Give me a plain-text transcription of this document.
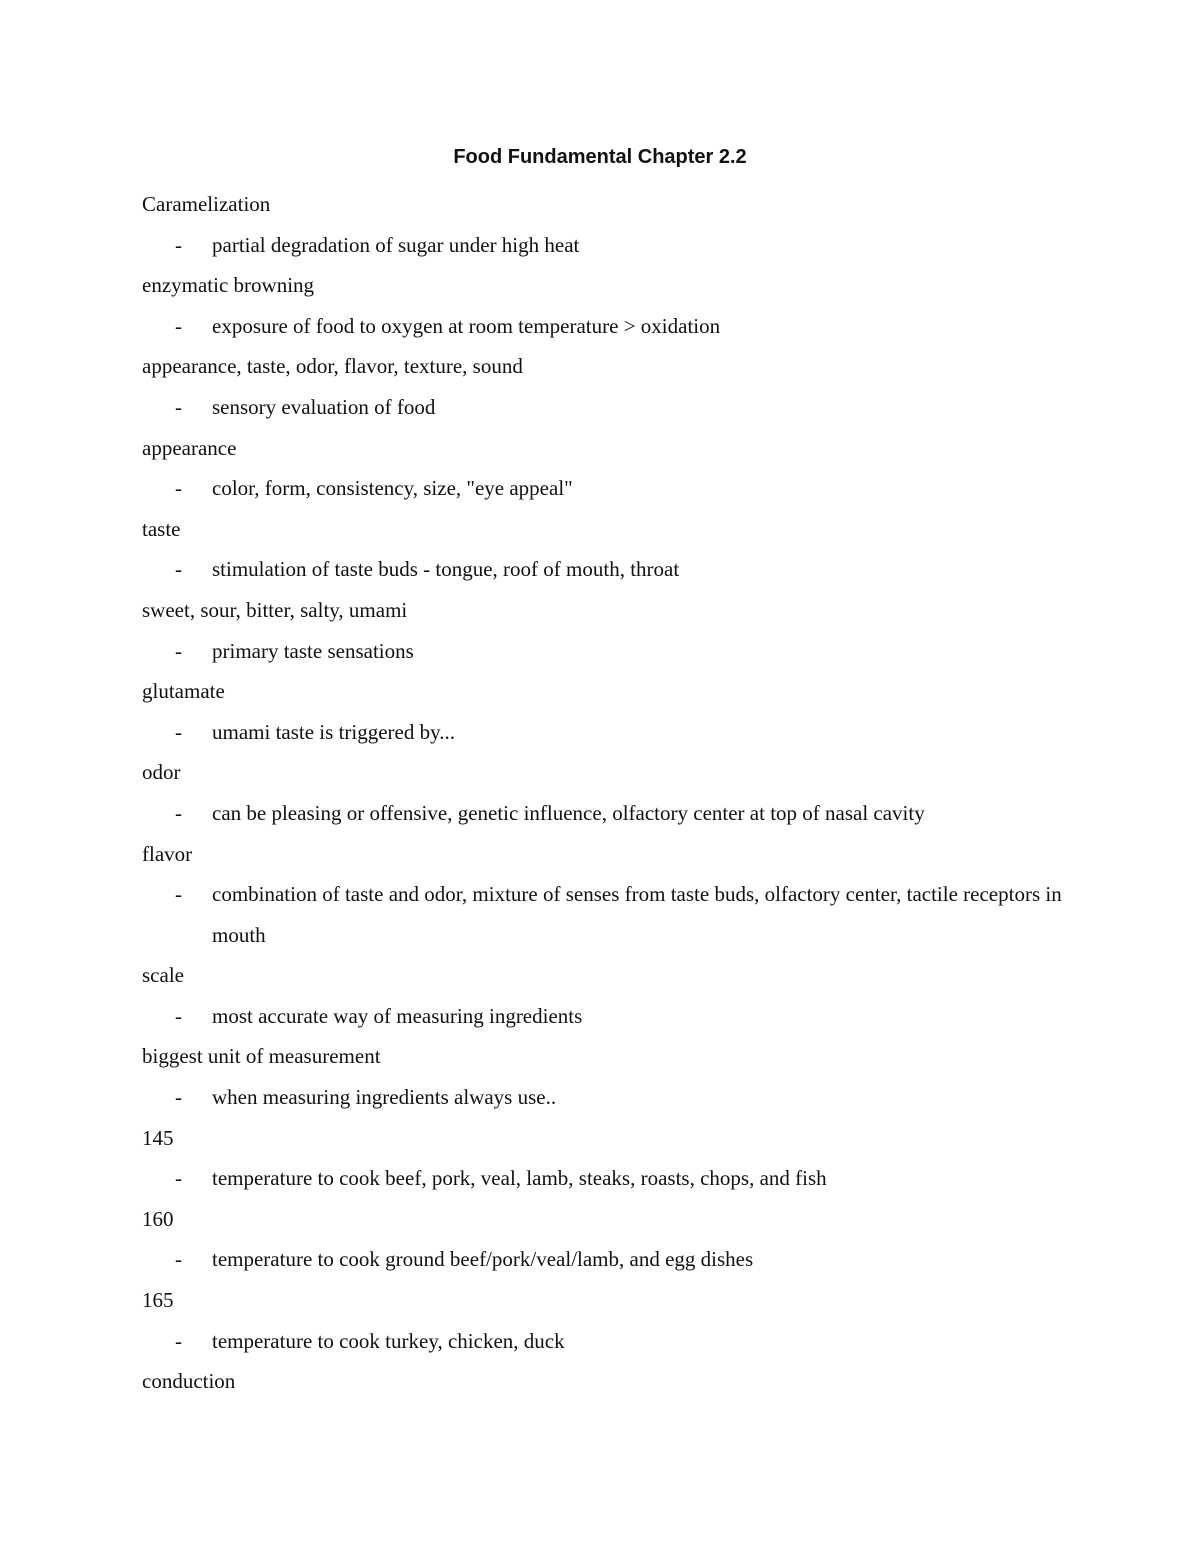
Food Fundamental Chapter 2.2
Caramelization
- partial degradation of sugar under high heat
enzymatic browning
- exposure of food to oxygen at room temperature > oxidation
appearance, taste, odor, flavor, texture, sound
- sensory evaluation of food
appearance
- color, form, consistency, size, "eye appeal"
taste
- stimulation of taste buds - tongue, roof of mouth, throat
sweet, sour, bitter, salty, umami
- primary taste sensations
glutamate
- umami taste is triggered by...
odor
- can be pleasing or offensive, genetic influence, olfactory center at top of nasal cavity
flavor
- combination of taste and odor, mixture of senses from taste buds, olfactory center, tactile receptors in mouth
scale
- most accurate way of measuring ingredients
biggest unit of measurement
- when measuring ingredients always use..
145
- temperature to cook beef, pork, veal, lamb, steaks, roasts, chops, and fish
160
- temperature to cook ground beef/pork/veal/lamb, and egg dishes
165
- temperature to cook turkey, chicken, duck
conduction
